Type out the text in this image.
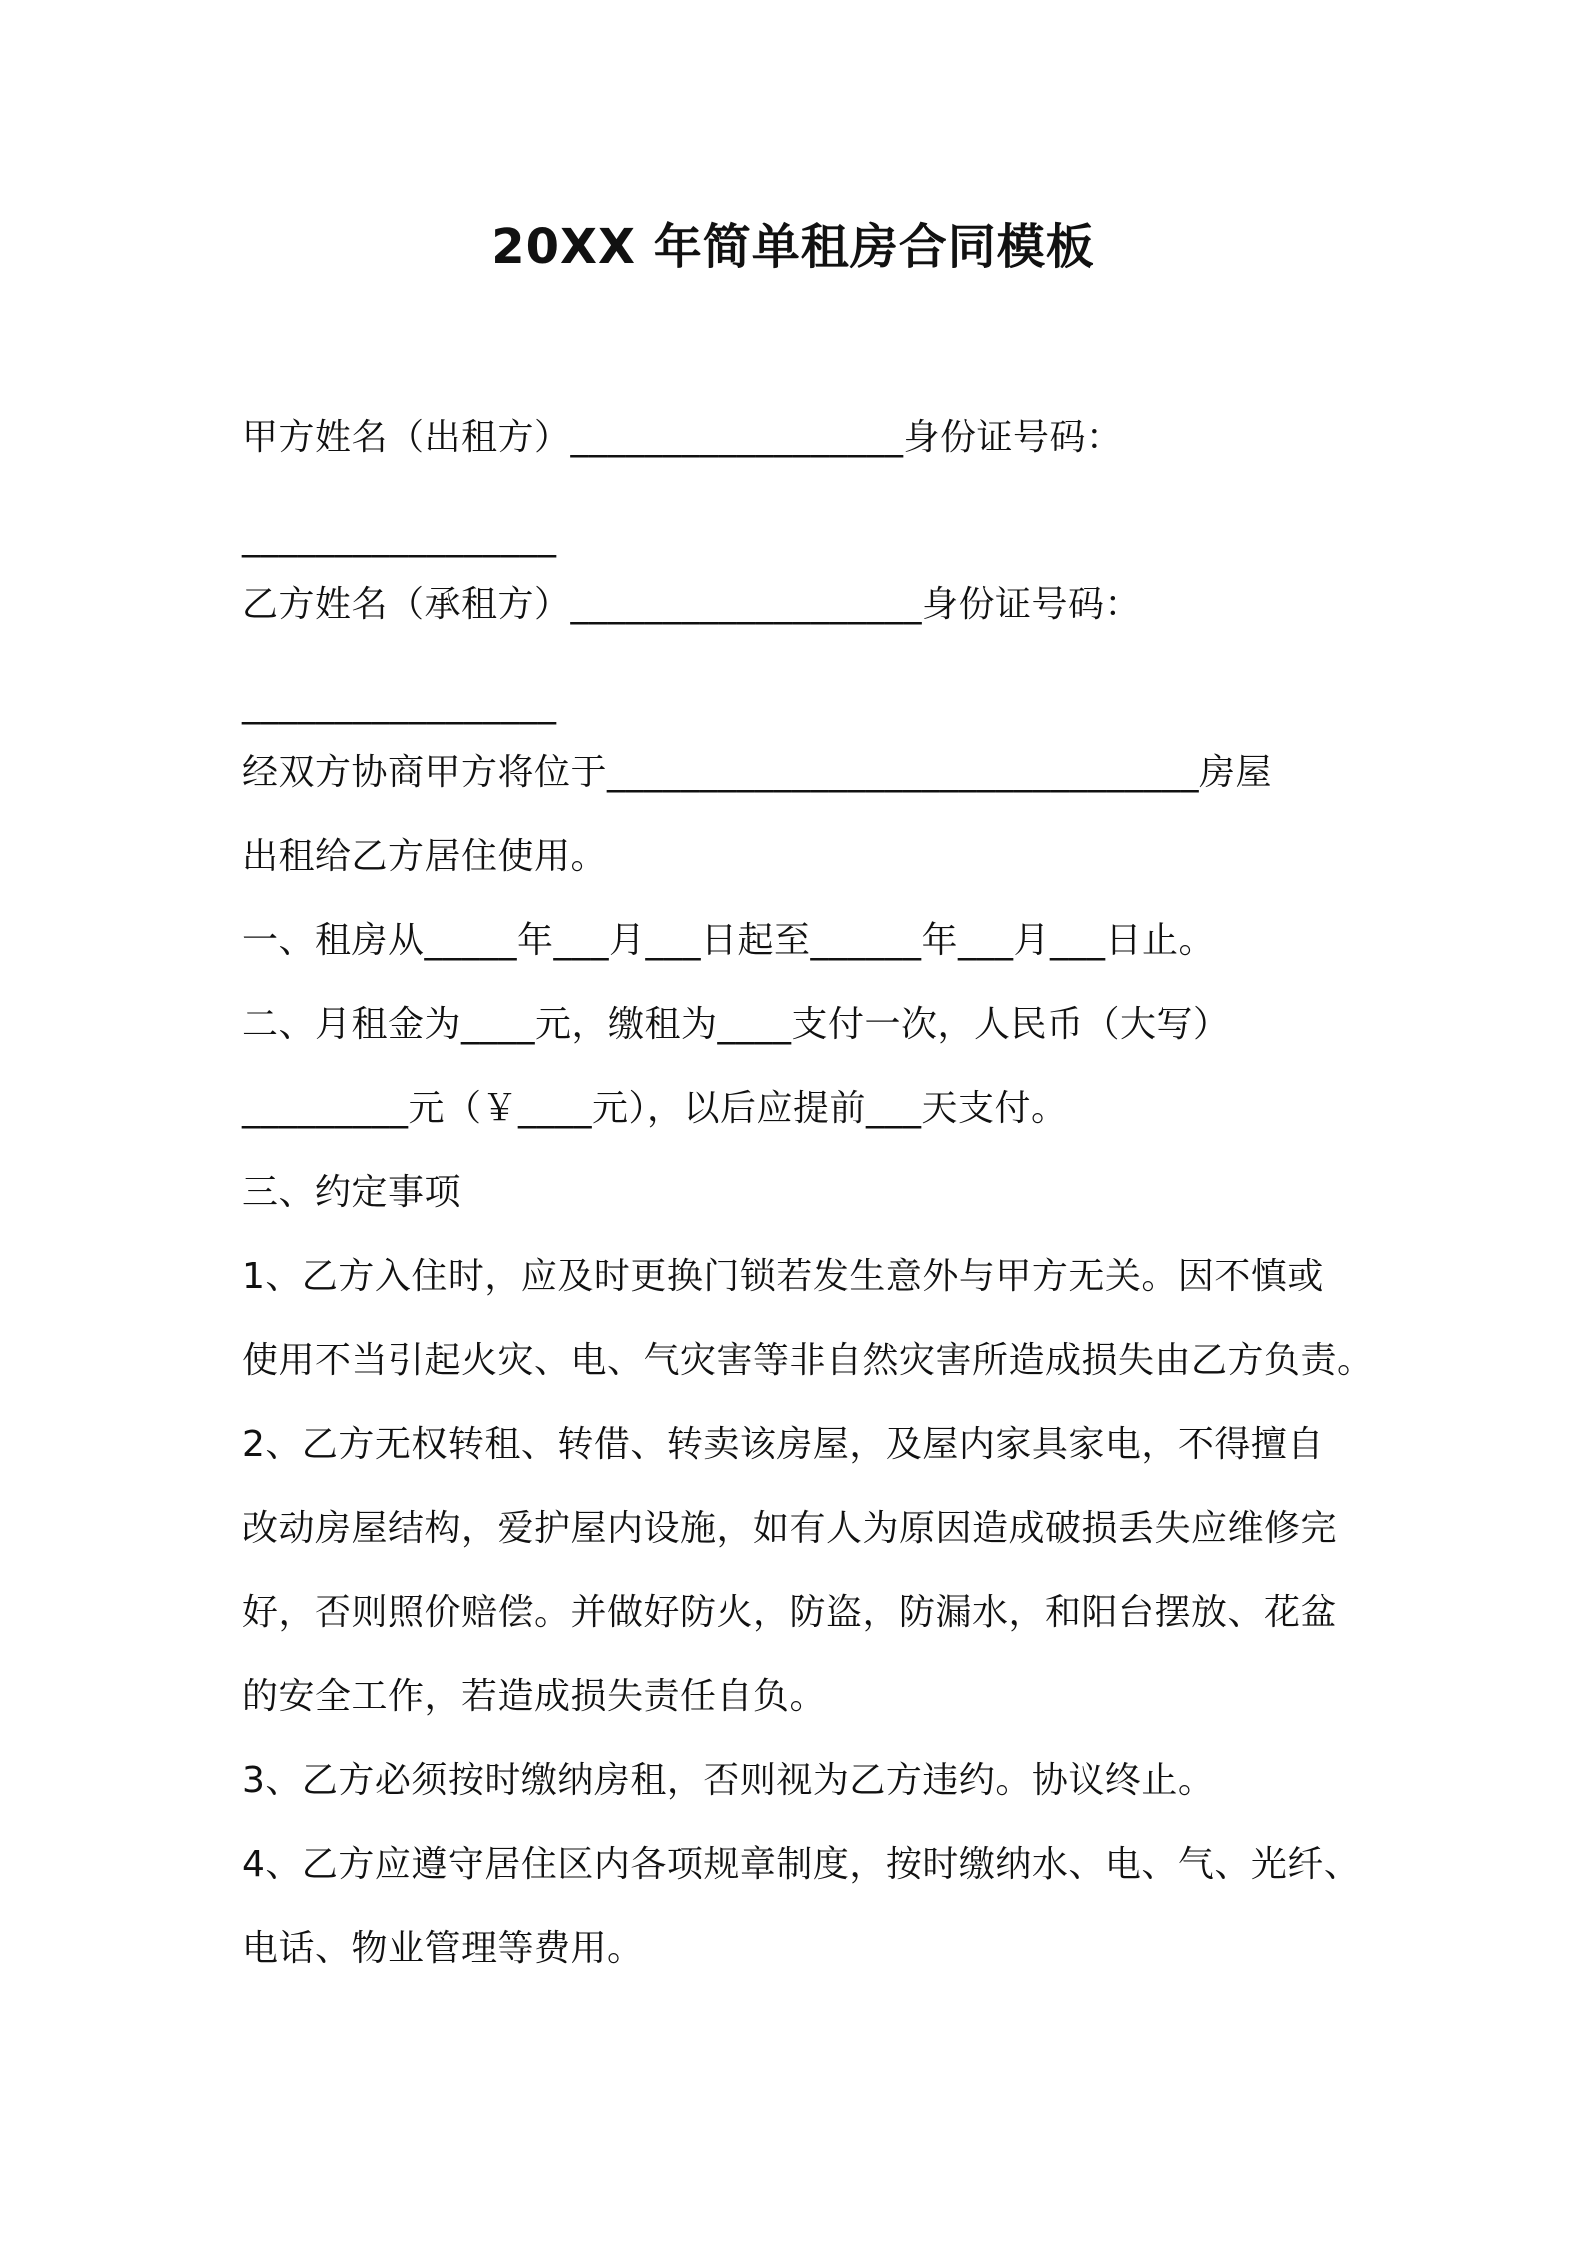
20XX 年简单租房合同模板
甲方姓名（出租方）__________________身份证号码：
_________________
乙方姓名（承租方）___________________身份证号码：
_________________
经双方协商甲方将位于________________________________房屋
出租给乙方居住使用。
一、租房从_____年___月___日起至______年___月___日止。
二、月租金为____元，缴租为____支付一次，人民币（大写）
_________元（￥____元），以后应提前___天支付。
三、约定事项
1、乙方入住时，应及时更换门锁若发生意外与甲方无关。因不慎或
使用不当引起火灾、电、气灾害等非自然灾害所造成损失由乙方负责。
2、乙方无权转租、转借、转卖该房屋，及屋内家具家电，不得擅自
改动房屋结构，爱护屋内设施，如有人为原因造成破损丢失应维修完
好，否则照价赔偿。并做好防火，防盗，防漏水，和阳台摆放、花盆
的安全工作，若造成损失责任自负。
3、乙方必须按时缴纳房租，否则视为乙方违约。协议终止。
4、乙方应遵守居住区内各项规章制度，按时缴纳水、电、气、光纤、
电话、物业管理等费用。
